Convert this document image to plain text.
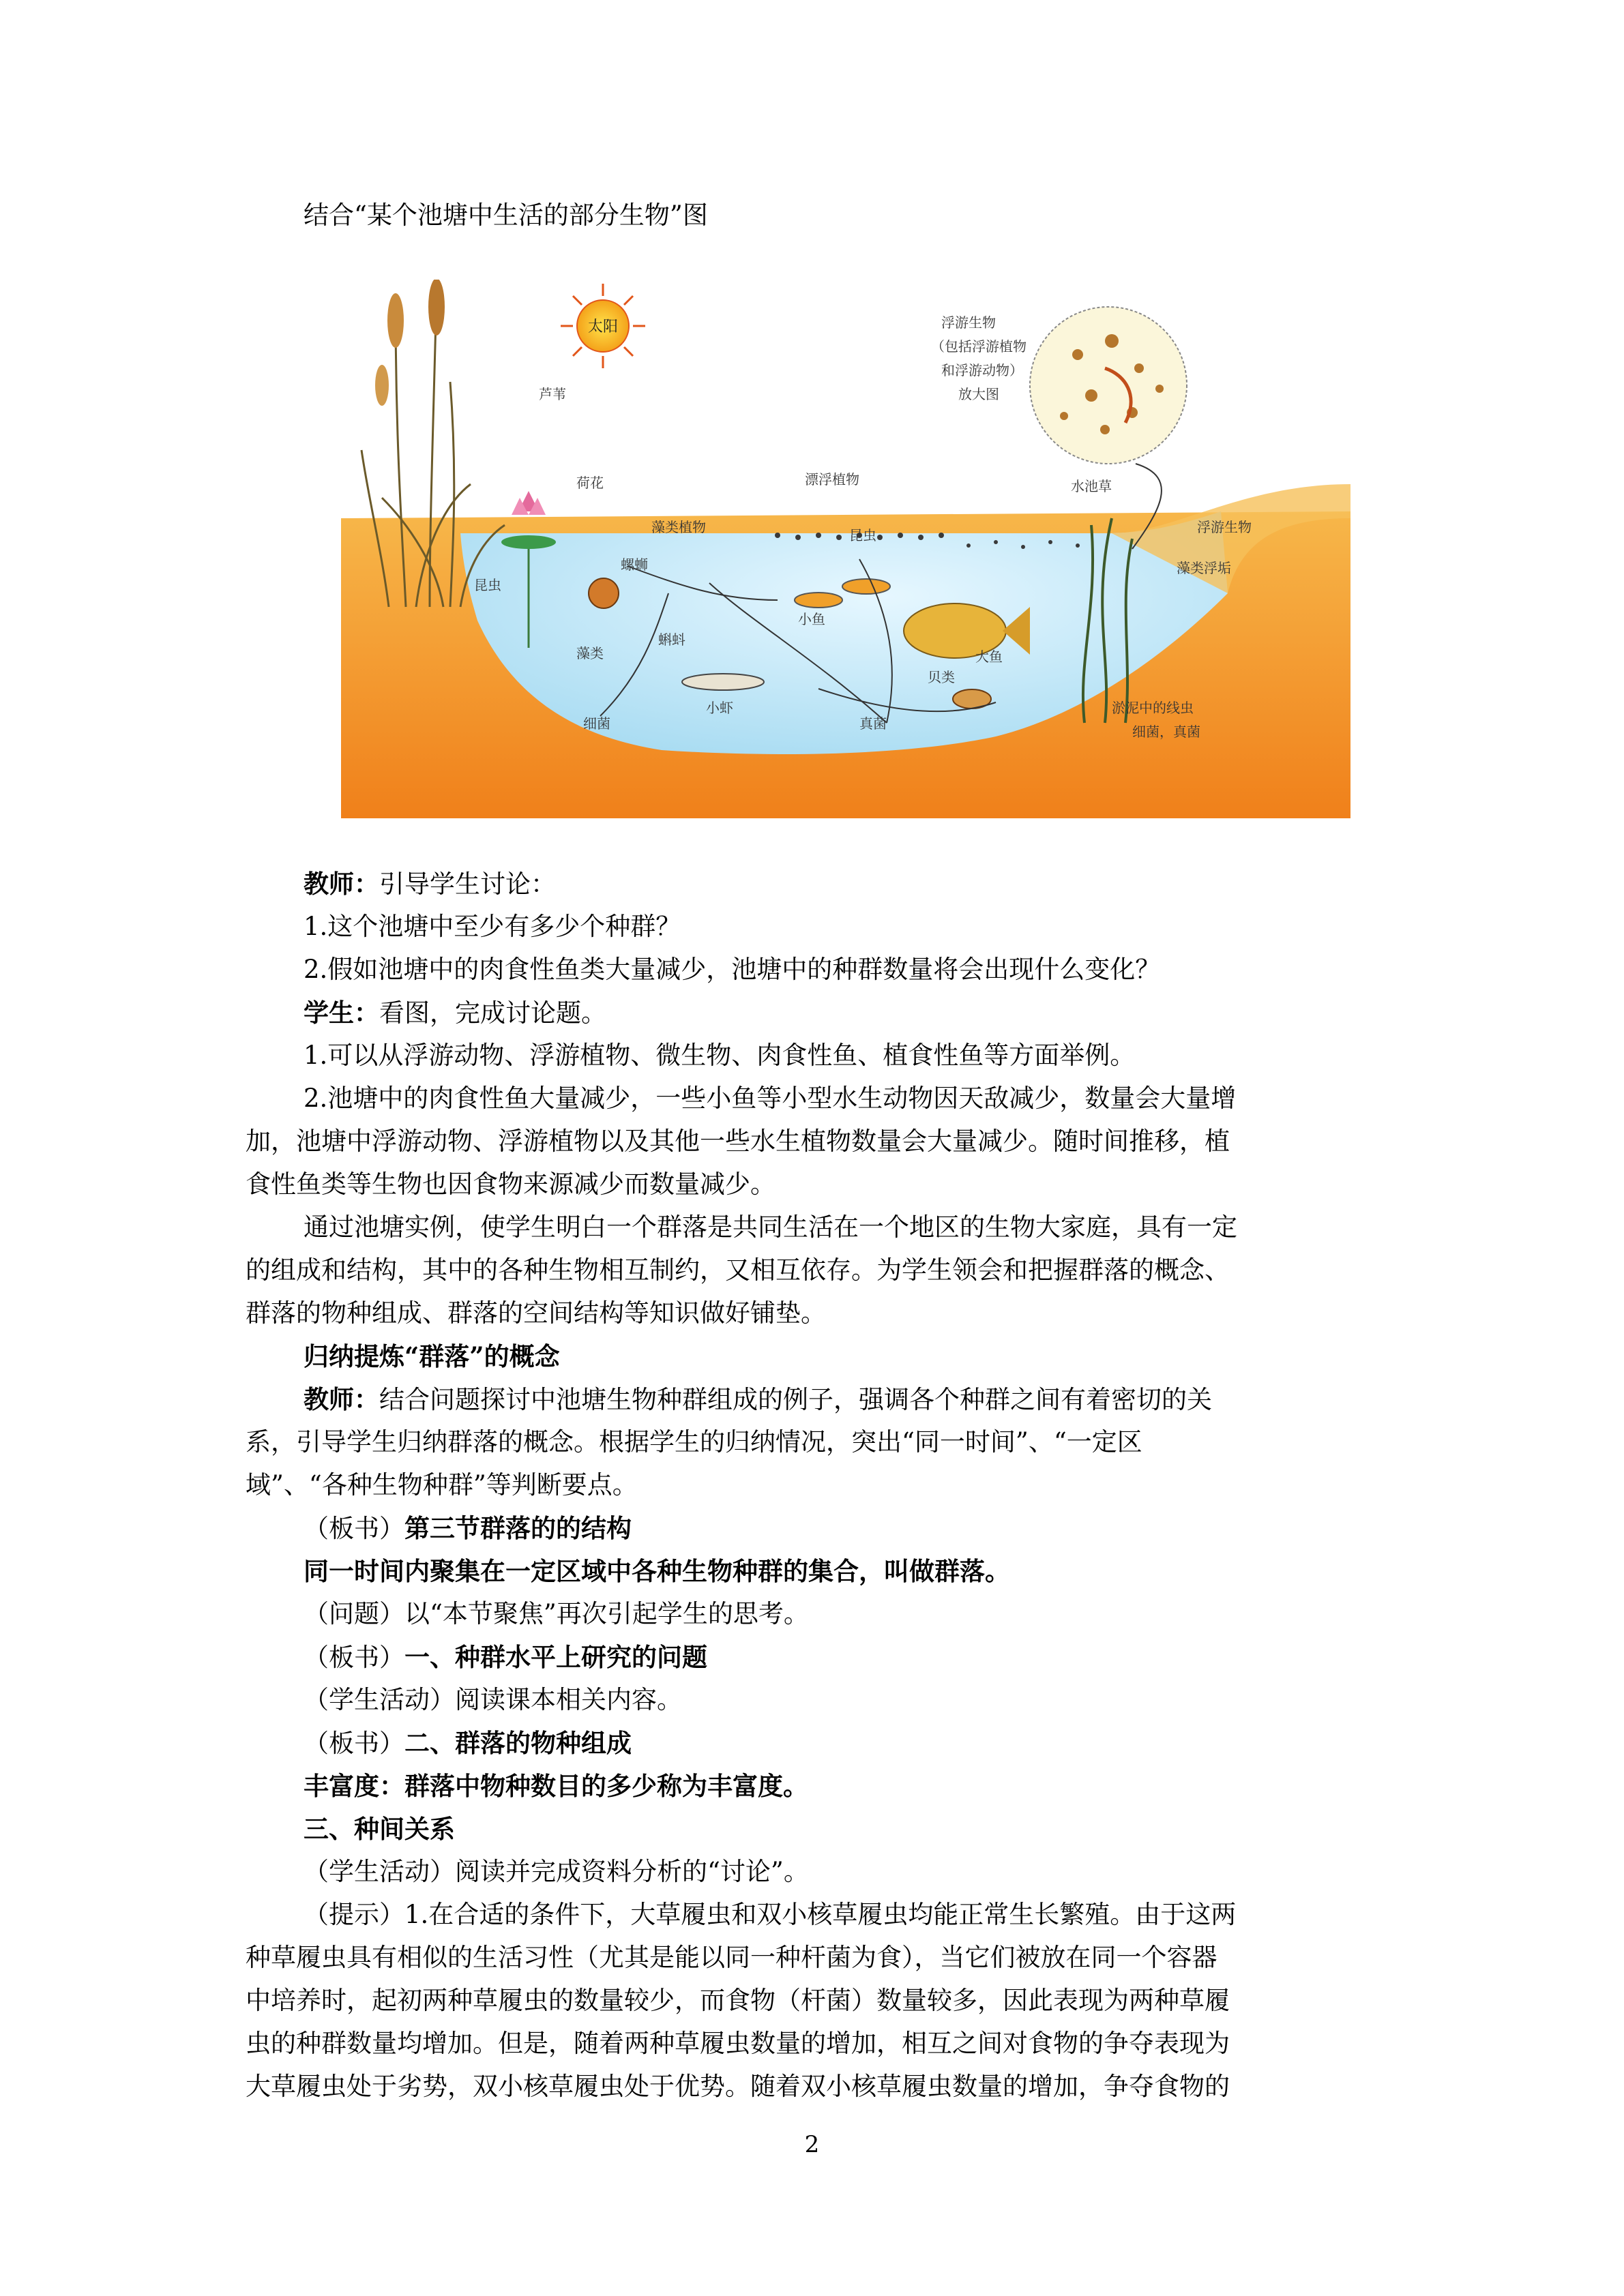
结合“某个池塘中生活的部分生物”图
太阳
芦苇
荷花	漂浮植物	水池草
浮游生物
藻类浮垢
浮游生物
（包括浮游植物
和浮游动物）
放大图
昆虫
昆虫
藻类植物
螺蛳
蝌蚪
小鱼
大鱼
藻类
贝类
细菌
小虾
真菌
淤泥中的线虫
细菌，真菌
教师：引导学生讨论：
1.这个池塘中至少有多少个种群？
2.假如池塘中的肉食性鱼类大量减少，池塘中的种群数量将会出现什么变化？
学生：看图，完成讨论题。
1.可以从浮游动物、浮游植物、微生物、肉食性鱼、植食性鱼等方面举例。
2.池塘中的肉食性鱼大量减少，一些小鱼等小型水生动物因天敌减少，数量会大量增
加，池塘中浮游动物、浮游植物以及其他一些水生植物数量会大量减少。随时间推移，植
食性鱼类等生物也因食物来源减少而数量减少。
通过池塘实例，使学生明白一个群落是共同生活在一个地区的生物大家庭，具有一定
的组成和结构，其中的各种生物相互制约，又相互依存。为学生领会和把握群落的概念、
群落的物种组成、群落的空间结构等知识做好铺垫。
归纳提炼“群落”的概念
教师：结合问题探讨中池塘生物种群组成的例子，强调各个种群之间有着密切的关
系，引导学生归纳群落的概念。根据学生的归纳情况，突出“同一时间”、“一定区
域”、“各种生物种群”等判断要点。
（板书）第三节群落的的结构
同一时间内聚集在一定区域中各种生物种群的集合，叫做群落。
（问题）以“本节聚焦”再次引起学生的思考。
（板书）一、种群水平上研究的问题
（学生活动）阅读课本相关内容。
（板书）二、群落的物种组成
丰富度：群落中物种数目的多少称为丰富度。
三、种间关系
（学生活动）阅读并完成资料分析的“讨论”。
（提示）1.在合适的条件下，大草履虫和双小核草履虫均能正常生长繁殖。由于这两
种草履虫具有相似的生活习性（尤其是能以同一种杆菌为食），当它们被放在同一个容器
中培养时，起初两种草履虫的数量较少，而食物（杆菌）数量较多，因此表现为两种草履
虫的种群数量均增加。但是，随着两种草履虫数量的增加，相互之间对食物的争夺表现为
大草履虫处于劣势，双小核草履虫处于优势。随着双小核草履虫数量的增加，争夺食物的
2
